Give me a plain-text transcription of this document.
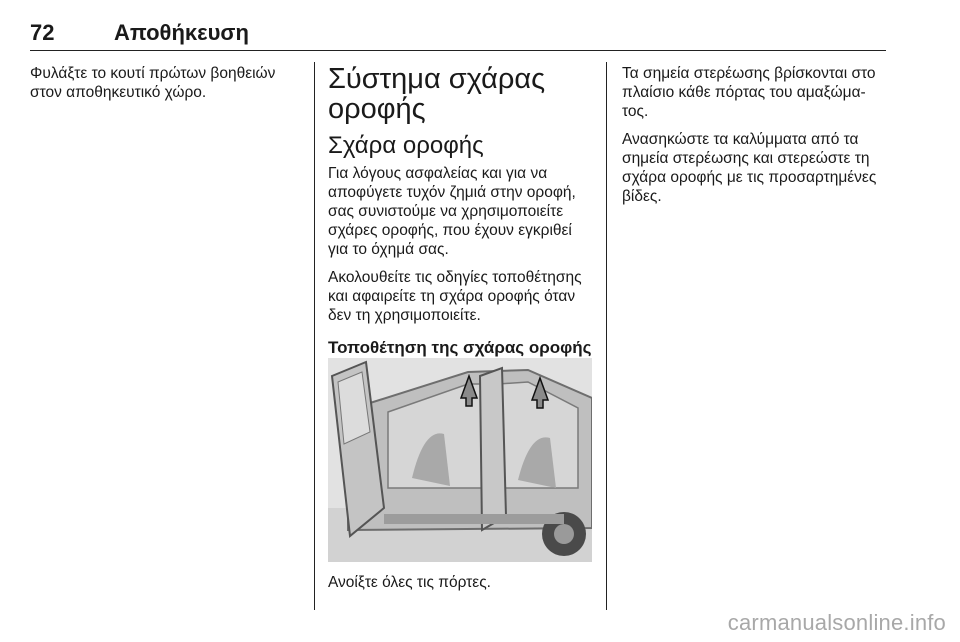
72	Αποθήκευση

Φυλάξτε το κουτί πρώτων βοηθειών στον αποθηκευτικό χώρο.	Σύστημα σχάρας οροφής
Σχάρα οροφής

Για λόγους ασφαλείας και για να αποφύγετε τυχόν ζημιά στην οροφή, σας συνιστούμε να χρησιμοποιείτε σχάρες οροφής, που έχουν εγκριθεί για το όχημά σας.

Ακολουθείτε τις οδηγίες τοποθέτησης και αφαιρείτε τη σχάρα οροφής όταν δεν τη χρησιμοποιείτε.

Τοποθέτηση της σχάρας οροφής
Ανοίξτε όλες τις πόρτες.

Τα σημεία στερέωσης βρίσκονται στο πλαίσιο κάθε πόρτας του αμαξώμα-τος.

Ανασηκώστε τα καλύμματα από τα σημεία στερέωσης και στερεώστε τη σχάρα οροφής με τις προσαρτημένες βίδες.

carmanualsonline.info
